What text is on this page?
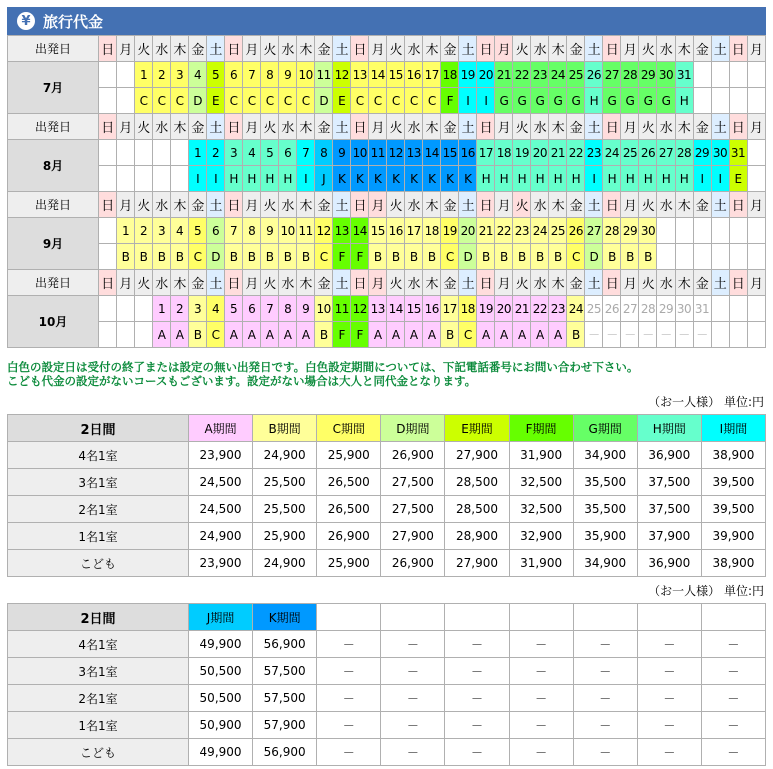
¥ 旅行代金
出発日	日	月	火	水	木	金	土	日	月	火	水	木	金	土	日	月	火	水	木	金	土	日	月	火	水	木	金	土	日	月	火	水	木	金	土	日	月
7月			1	2	3	4	5	6	7	8	9	10	11	12	13	14	15	16	17	18	19	20	21	22	23	24	25	26	27	28	29	30	31				
			C	C	C	D	E	C	C	C	C	C	D	E	C	C	C	C	C	F	I	I	G	G	G	G	G	H	G	G	G	G	H				
出発日	日	月	火	水	木	金	土	日	月	火	水	木	金	土	日	月	火	水	木	金	土	日	月	火	水	木	金	土	日	月	火	水	木	金	土	日	月
8月						1	2	3	4	5	6	7	8	9	10	11	12	13	14	15	16	17	18	19	20	21	22	23	24	25	26	27	28	29	30	31	
						I	I	H	H	H	H	I	J	K	K	K	K	K	K	K	K	H	H	H	H	H	H	I	H	H	H	H	H	I	I	E	
出発日	日	月	火	水	木	金	土	日	月	火	水	木	金	土	日	月	火	水	木	金	土	日	月	火	水	木	金	土	日	月	火	水	木	金	土	日	月
9月		1	2	3	4	5	6	7	8	9	10	11	12	13	14	15	16	17	18	19	20	21	22	23	24	25	26	27	28	29	30						
		B	B	B	B	C	D	B	B	B	B	B	C	F	F	B	B	B	B	C	D	B	B	B	B	B	C	D	B	B	B						
出発日	日	月	火	水	木	金	土	日	月	火	水	木	金	土	日	月	火	水	木	金	土	日	月	火	水	木	金	土	日	月	火	水	木	金	土	日	月
10月				1	2	3	4	5	6	7	8	9	10	11	12	13	14	15	16	17	18	19	20	21	22	23	24	25	26	27	28	29	30	31			
				A	A	B	C	A	A	A	A	A	B	F	F	A	A	A	A	B	C	A	A	A	A	A	B	－	－	－	－	－	－	－			
白色の設定日は受付の終了または設定の無い出発日です。白色設定期間については、下記電話番号にお問い合わせ下さい。
こども代金の設定がないコースもございます。設定がない場合は大人と同代金となります。
（お一人様） 単位:円
2日間	A期間	B期間	C期間	D期間	E期間	F期間	G期間	H期間	I期間
4名1室	23,900	24,900	25,900	26,900	27,900	31,900	34,900	36,900	38,900
3名1室	24,500	25,500	26,500	27,500	28,500	32,500	35,500	37,500	39,500
2名1室	24,500	25,500	26,500	27,500	28,500	32,500	35,500	37,500	39,500
1名1室	24,900	25,900	26,900	27,900	28,900	32,900	35,900	37,900	39,900
こども	23,900	24,900	25,900	26,900	27,900	31,900	34,900	36,900	38,900
（お一人様） 単位:円
2日間	J期間	K期間							
4名1室	49,900	56,900	－	－	－	－	－	－	－
3名1室	50,500	57,500	－	－	－	－	－	－	－
2名1室	50,500	57,500	－	－	－	－	－	－	－
1名1室	50,900	57,900	－	－	－	－	－	－	－
こども	49,900	56,900	－	－	－	－	－	－	－
